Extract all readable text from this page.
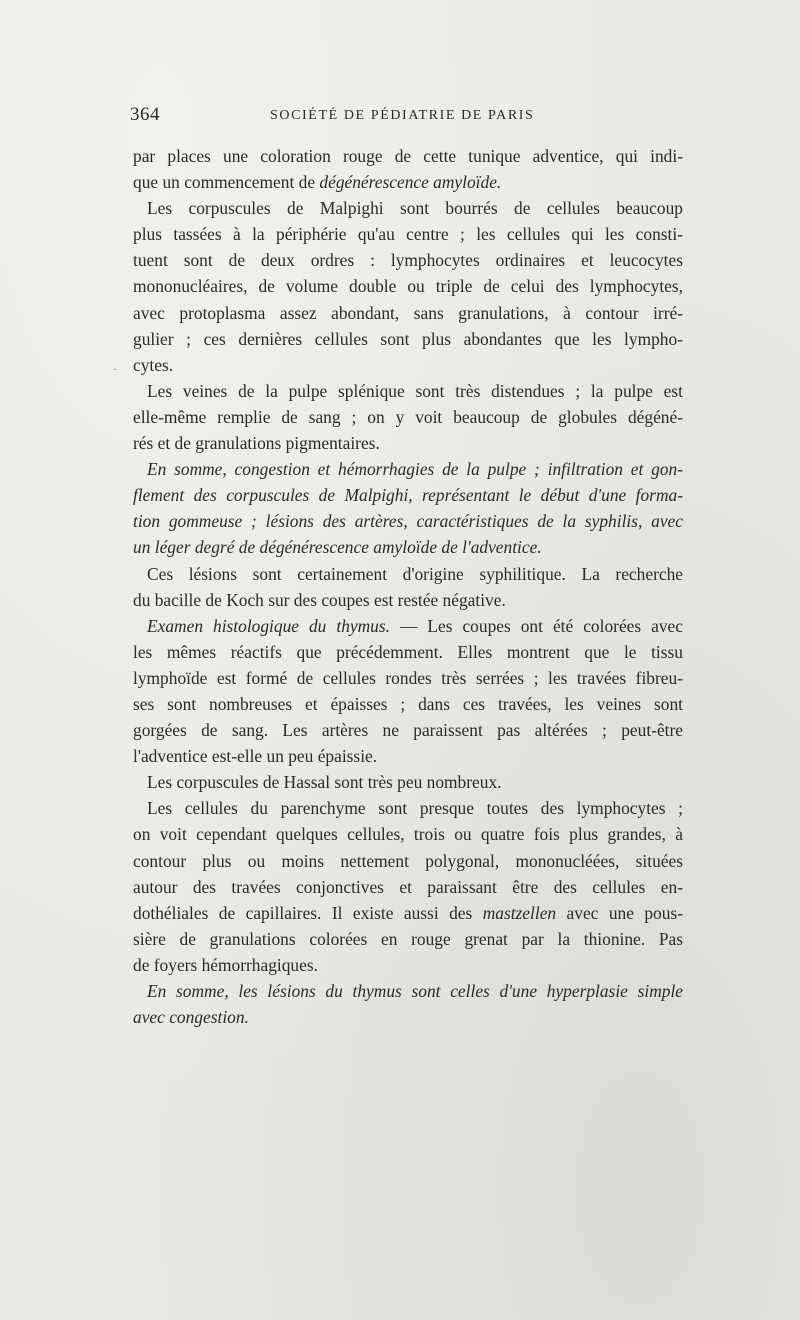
364	SOCIÉTÉ DE PÉDIATRIE DE PARIS
·
par places une coloration rouge de cette tunique adventice, qui indi-
que un commencement de dégénérescence amyloïde.
Les corpuscules de Malpighi sont bourrés de cellules beaucoup
plus tassées à la périphérie qu'au centre ; les cellules qui les consti-
tuent sont de deux ordres : lymphocytes ordinaires et leucocytes
mononucléaires, de volume double ou triple de celui des lymphocytes,
avec protoplasma assez abondant, sans granulations, à contour irré-
gulier ; ces dernières cellules sont plus abondantes que les lympho-
cytes.
Les veines de la pulpe splénique sont très distendues ; la pulpe est
elle-même remplie de sang ; on y voit beaucoup de globules dégéné-
rés et de granulations pigmentaires.
En somme, congestion et hémorrhagies de la pulpe ; infiltration et gon-
flement des corpuscules de Malpighi, représentant le début d'une forma-
tion gommeuse ; lésions des artères, caractéristiques de la syphilis, avec
un léger degré de dégénérescence amyloïde de l'adventice.
Ces lésions sont certainement d'origine syphilitique. La recherche
du bacille de Koch sur des coupes est restée négative.
Examen histologique du thymus. — Les coupes ont été colorées avec
les mêmes réactifs que précédemment. Elles montrent que le tissu
lymphoïde est formé de cellules rondes très serrées ; les travées fibreu-
ses sont nombreuses et épaisses ; dans ces travées, les veines sont
gorgées de sang. Les artères ne paraissent pas altérées ; peut-être
l'adventice est-elle un peu épaissie.
Les corpuscules de Hassal sont très peu nombreux.
Les cellules du parenchyme sont presque toutes des lymphocytes ;
on voit cependant quelques cellules, trois ou quatre fois plus grandes, à
contour plus ou moins nettement polygonal, mononucléées, situées
autour des travées conjonctives et paraissant être des cellules en-
dothéliales de capillaires. Il existe aussi des mastzellen avec une pous-
sière de granulations colorées en rouge grenat par la thionine. Pas
de foyers hémorrhagiques.
En somme, les lésions du thymus sont celles d'une hyperplasie simple
avec congestion.
